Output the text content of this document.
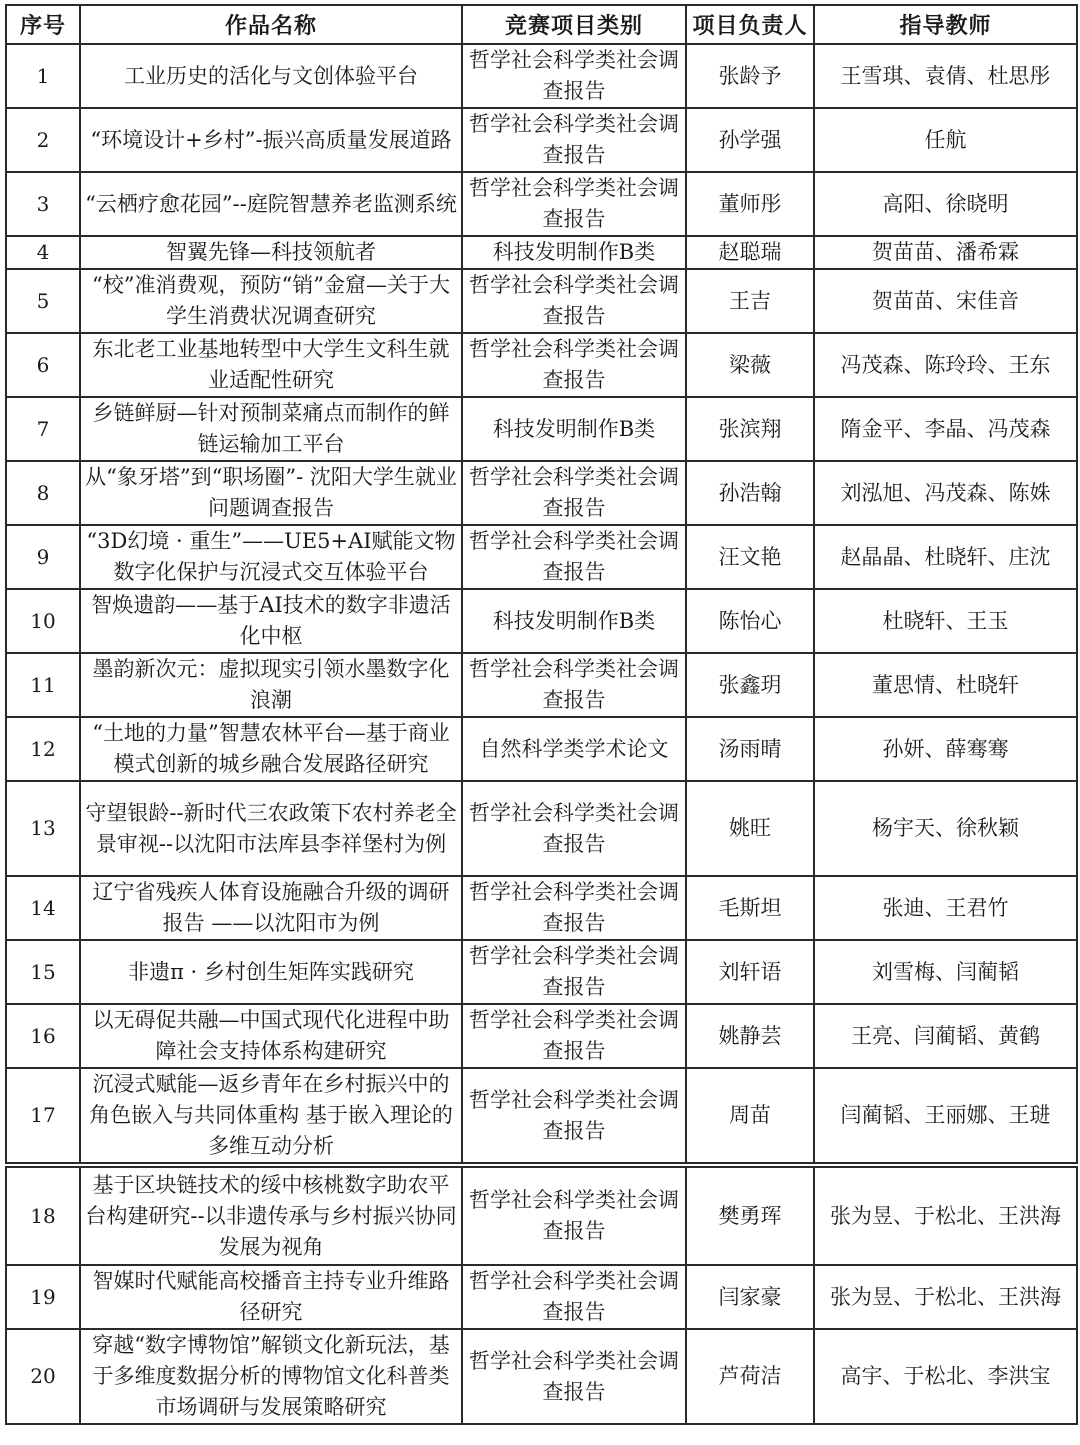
序号	作品名称	竞赛项目类别	项目负责人	指导教师
1	工业历史的活化与文创体验平台	哲学社会科学类社会调查报告	张龄予	王雪琪、袁倩、杜思彤
2	“环境设计+乡村”-振兴高质量发展道路	哲学社会科学类社会调查报告	孙学强	任航
3	“云栖疗愈花园”--庭院智慧养老监测系统	哲学社会科学类社会调查报告	董师彤	高阳、徐晓明
4	智翼先锋—科技领航者	科技发明制作B类	赵聪瑞	贺苗苗、潘希霖
5	“校”准消费观，预防“销”金窟—关于大学生消费状况调查研究	哲学社会科学类社会调查报告	王吉	贺苗苗、宋佳音
6	东北老工业基地转型中大学生文科生就业适配性研究	哲学社会科学类社会调查报告	梁薇	冯茂森、陈玲玲、王东
7	乡链鲜厨—针对预制菜痛点而制作的鲜链运输加工平台	科技发明制作B类	张滨翔	隋金平、李晶、冯茂森
8	从“象牙塔”到“职场圈”- 沈阳大学生就业问题调查报告	哲学社会科学类社会调查报告	孙浩翰	刘泓旭、冯茂森、陈姝
9	“3D幻境 · 重生”——UE5+AI赋能文物数字化保护与沉浸式交互体验平台	哲学社会科学类社会调查报告	汪文艳	赵晶晶、杜晓轩、庄沈
10	智焕遗韵——基于AI技术的数字非遗活化中枢	科技发明制作B类	陈怡心	杜晓轩、王玉
11	墨韵新次元：虚拟现实引领水墨数字化浪潮	哲学社会科学类社会调查报告	张鑫玥	董思情、杜晓轩
12	“土地的力量”智慧农林平台—基于商业模式创新的城乡融合发展路径研究	自然科学类学术论文	汤雨晴	孙妍、薛骞骞
13	守望银龄--新时代三农政策下农村养老全景审视--以沈阳市法库县李祥堡村为例	哲学社会科学类社会调查报告	姚旺	杨宇天、徐秋颖
14	辽宁省残疾人体育设施融合升级的调研报告 ——以沈阳市为例	哲学社会科学类社会调查报告	毛斯坦	张迪、王君竹
15	非遗π · 乡村创生矩阵实践研究	哲学社会科学类社会调查报告	刘轩语	刘雪梅、闫蔺韬
16	以无碍促共融—中国式现代化进程中助障社会支持体系构建研究	哲学社会科学类社会调查报告	姚静芸	王亮、闫蔺韬、黄鹤
17	沉浸式赋能—返乡青年在乡村振兴中的角色嵌入与共同体重构 基于嵌入理论的多维互动分析	哲学社会科学类社会调查报告	周苗	闫蔺韬、王丽娜、王琎
18	基于区块链技术的绥中核桃数字助农平台构建研究--以非遗传承与乡村振兴协同发展为视角	哲学社会科学类社会调查报告	樊勇珲	张为昱、于松北、王洪海
19	智媒时代赋能高校播音主持专业升维路径研究	哲学社会科学类社会调查报告	闫家豪	张为昱、于松北、王洪海
20	穿越“数字博物馆”解锁文化新玩法，基于多维度数据分析的博物馆文化科普类市场调研与发展策略研究	哲学社会科学类社会调查报告	芦荷洁	高宇、于松北、李洪宝
